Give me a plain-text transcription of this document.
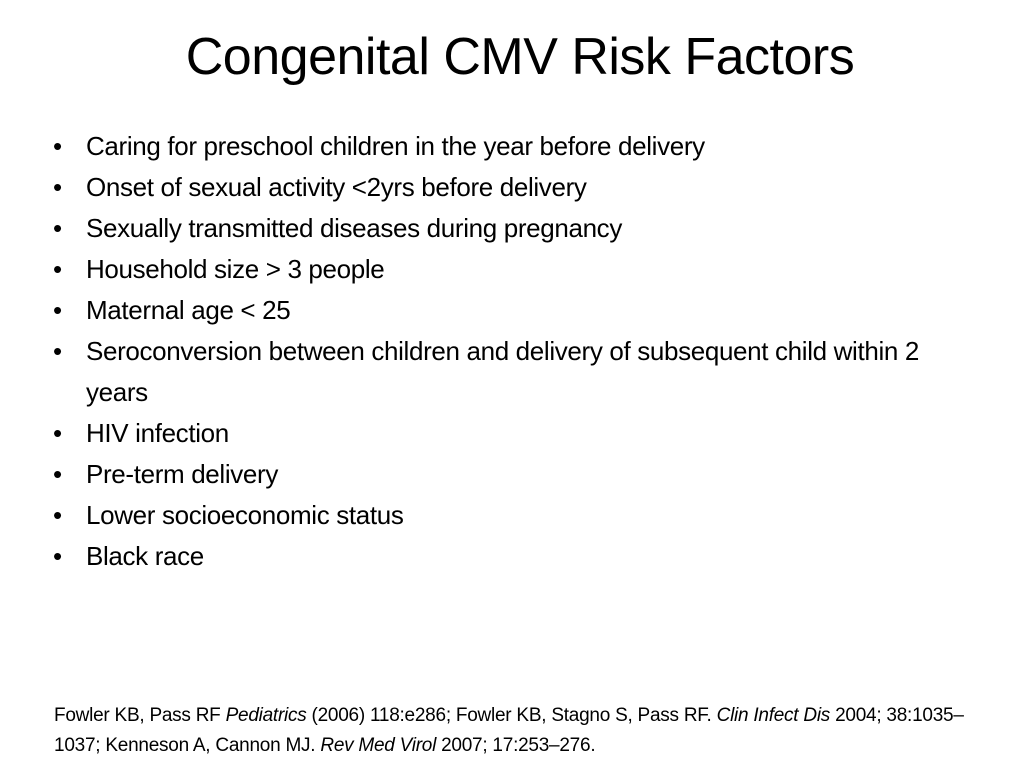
Congenital CMV Risk Factors
• Caring for preschool children in the year before delivery
• Onset of sexual activity <2yrs before delivery
• Sexually transmitted diseases during pregnancy
• Household size > 3 people
• Maternal age < 25
• Seroconversion between children and delivery of subsequent child within 2 years
• HIV infection
• Pre-term delivery
• Lower socioeconomic status
• Black race
Fowler KB, Pass RF Pediatrics (2006) 118:e286; Fowler KB, Stagno S, Pass RF. Clin Infect Dis 2004; 38:1035–1037; Kenneson A, Cannon MJ. Rev Med Virol 2007; 17:253–276.
